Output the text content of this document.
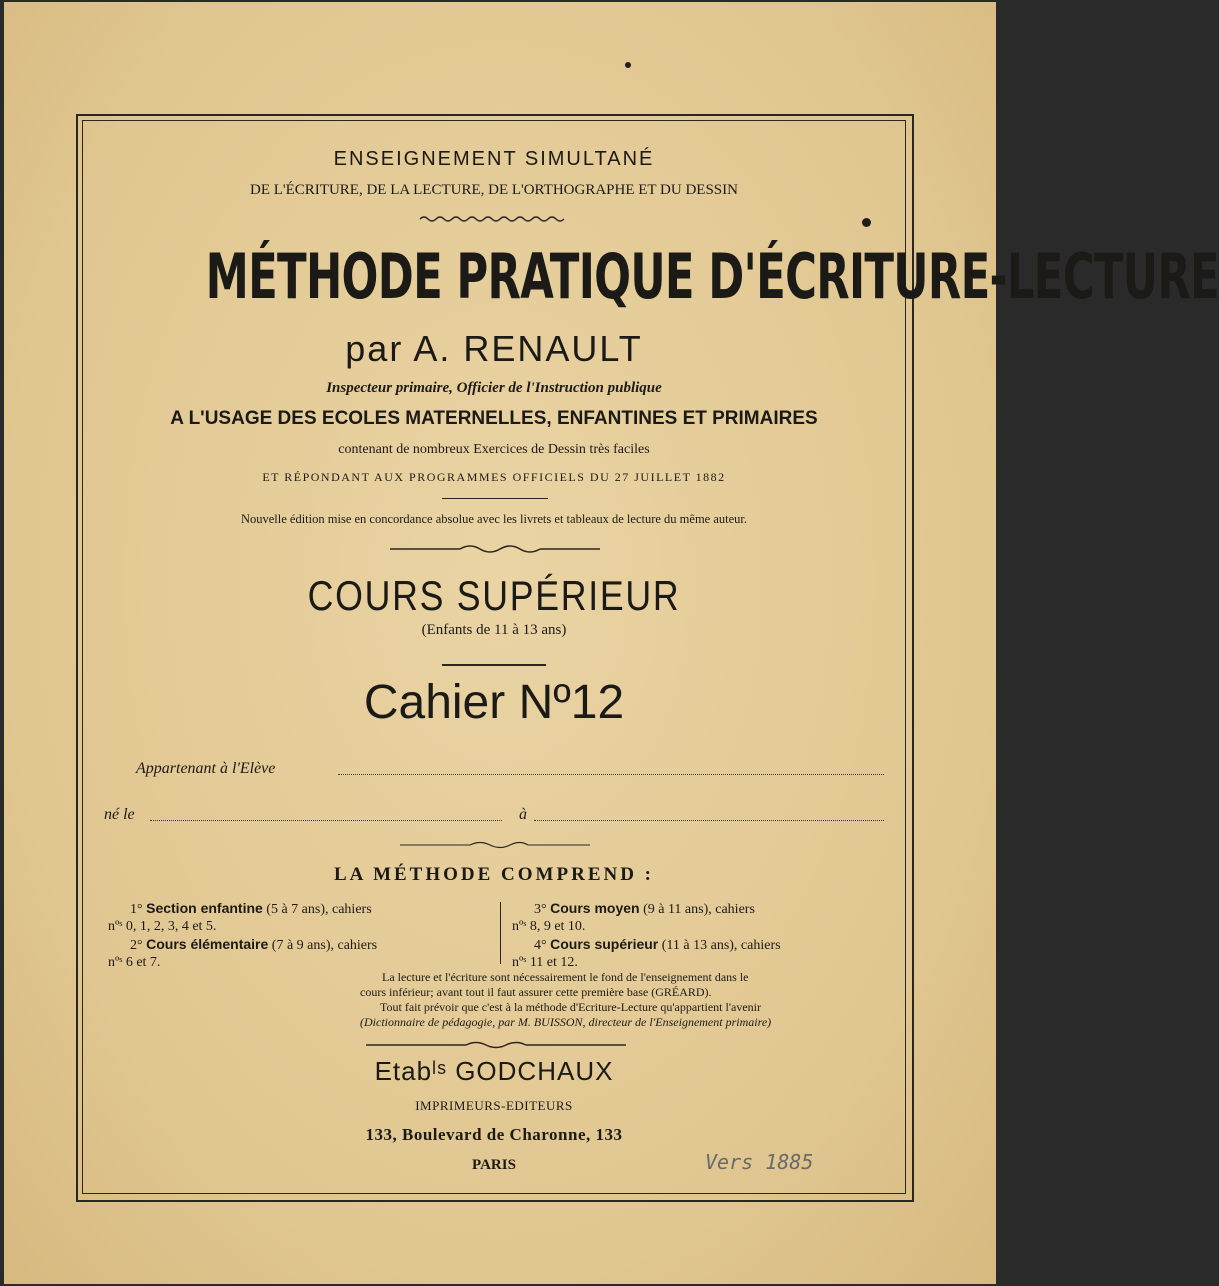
ENSEIGNEMENT SIMULTANÉ
DE L'ÉCRITURE, DE LA LECTURE, DE L'ORTHOGRAPHE ET DU DESSIN
MÉTHODE PRATIQUE D'ÉCRITURE-LECTURE
par A. RENAULT
Inspecteur primaire, Officier de l'Instruction publique
A L'USAGE DES ECOLES MATERNELLES, ENFANTINES ET PRIMAIRES
contenant de nombreux Exercices de Dessin très faciles
ET RÉPONDANT AUX PROGRAMMES OFFICIELS DU 27 JUILLET 1882
Nouvelle édition mise en concordance absolue avec les livrets et tableaux de lecture du même auteur.
COURS SUPÉRIEUR
(Enfants de 11 à 13 ans)
Cahier Nº12
Appartenant à l'Elève
né le	à
LA MÉTHODE COMPREND :
1° Section enfantine (5 à 7 ans), cahiers
nºˢ 0, 1, 2, 3, 4 et 5.
2° Cours élémentaire (7 à 9 ans), cahiers
nºˢ 6 et 7.
3° Cours moyen (9 à 11 ans), cahiers
nºˢ 8, 9 et 10.
4° Cours supérieur (11 à 13 ans), cahiers
nºˢ 11 et 12.
La lecture et l'écriture sont nécessairement le fond de l'enseignement dans le
cours inférieur; avant tout il faut assurer cette première base (GRÉARD).
Tout fait prévoir que c'est à la méthode d'Ecriture-Lecture qu'appartient l'avenir
(Dictionnaire de pédagogie, par M. BUISSON, directeur de l'Enseignement primaire)
Etabˡˢ GODCHAUX
IMPRIMEURS-EDITEURS
133, Boulevard de Charonne, 133
PARIS	Vers 1885
